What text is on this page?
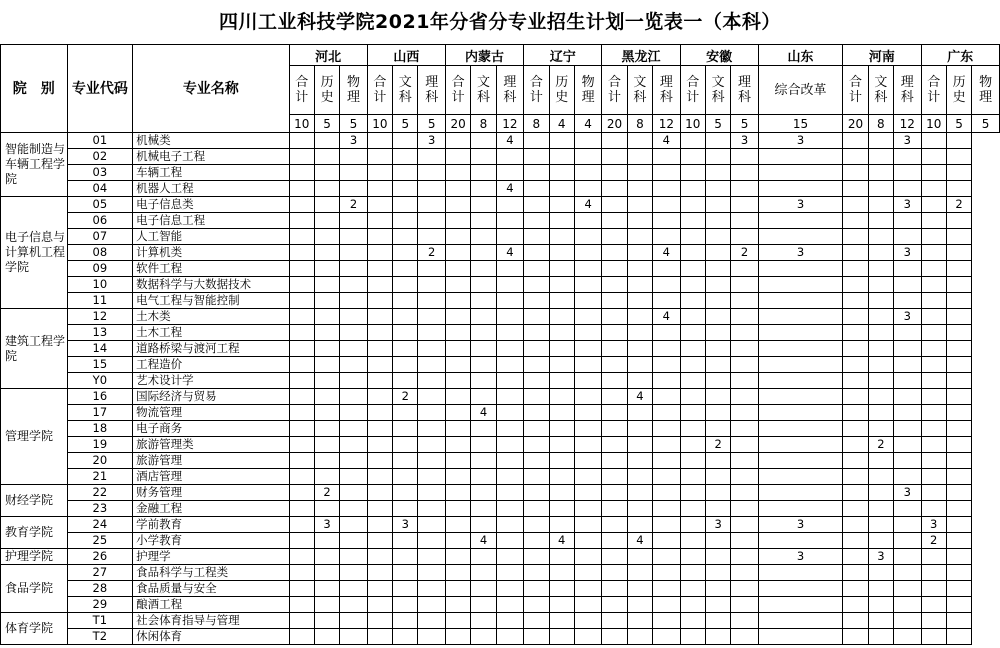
四川工业科技学院2021年分省分专业招生计划一览表一（本科）
院　别	专业代码	专业名称	河北			山西			内蒙古			辽宁			黑龙江			安徽			山东	河南			广东		
			合计	历史	物理	合计	文科	理科	合计	文科	理科	合计	历史	物理	合计	文科	理科	合计	文科	理科	综合改革	合计	文科	理科	合计	历史	物理
			10	5	5	10	5	5	20	8	12	8	4	4	20	8	12	10	5	5	15	20	8	12	10	5	5
智能制造与车辆工程学院	01	机械类			3			3			4						4			3	3			3			
	02	机械电子工程																									
	03	车辆工程																									
	04	机器人工程									4																
电子信息与计算机工程学院	05	电子信息类			2									4							3			3		2	
	06	电子信息工程																									
	07	人工智能																									
	08	计算机类						2			4						4			2	3			3			
	09	软件工程																									
	10	数据科学与大数据技术																									
	11	电气工程与智能控制																									
建筑工程学院	12	土木类															4							3			
	13	土木工程																									
	14	道路桥梁与渡河工程																									
	15	工程造价																									
	Y0	艺术设计学																									
管理学院	16	国际经济与贸易					2									4											
	17	物流管理								4																	
	18	电子商务																									
	19	旅游管理类																	2				2				
	20	旅游管理																									
	21	酒店管理																									
财经学院	22	财务管理		2																				3			
	23	金融工程																									
教育学院	24	学前教育		3			3												3		3				3		
	25	小学教育								4			4			4									2		
护理学院	26	护理学																			3		3				
食品学院	27	食品科学与工程类																									
	28	食品质量与安全																									
	29	酿酒工程																									
体育学院	T1	社会体育指导与管理																									
	T2	休闲体育																									
